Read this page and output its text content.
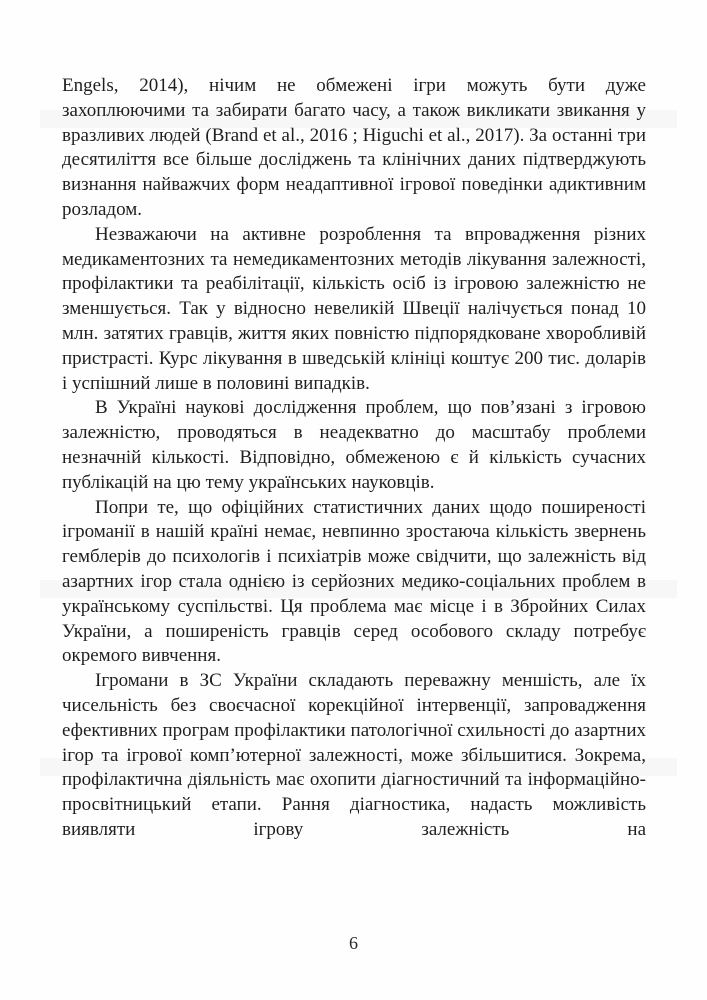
Engels, 2014), нічим не обмежені ігри можуть бути дуже захоплюючими та забирати багато часу, а також викликати звикання у вразливих людей (Brand et al., 2016 ; Higuchi et al., 2017). За останні три десятиліття все більше досліджень та клінічних даних підтверджують визнання найважчих форм неадаптивної ігрової поведінки адиктивним розладом.

Незважаючи на активне розроблення та впровадження різних медикаментозних та немедикаментозних методів лікування залежності, профілактики та реабілітації, кількість осіб із ігровою залежністю не зменшується. Так у відносно невеликій Швеції налічується понад 10 млн. затятих гравців, життя яких повністю підпорядковане хворобливій пристрасті. Курс лікування в шведській клініці коштує 200 тис. доларів і успішний лише в половині випадків.

В Україні наукові дослідження проблем, що пов’язані з ігровою залежністю, проводяться в неадекватно до масштабу проблеми незначній кількості. Відповідно, обмеженою є й кількість сучасних публікацій на цю тему українських науковців.

Попри те, що офіційних статистичних даних щодо поширеності ігроманії в нашій країні немає, невпинно зростаюча кількість звернень гемблерів до психологів і психіатрів може свідчити, що залежність від азартних ігор стала однією із серйозних медико-соціальних проблем в українському суспільстві. Ця проблема має місце і в Збройних Силах України, а поширеність гравців серед особового складу потребує окремого вивчення.

Ігромани в ЗС України складають переважну меншість, але їх чисельність без своєчасної корекційної інтервенції, запровадження ефективних програм профілактики патологічної схильності до азартних ігор та ігрової комп’ютерної залежності, може збільшитися. Зокрема, профілактична діяльність має охопити діагностичний та інформаційно-просвітницький етапи. Рання діагностика, надасть можливість виявляти ігрову залежність на

6
